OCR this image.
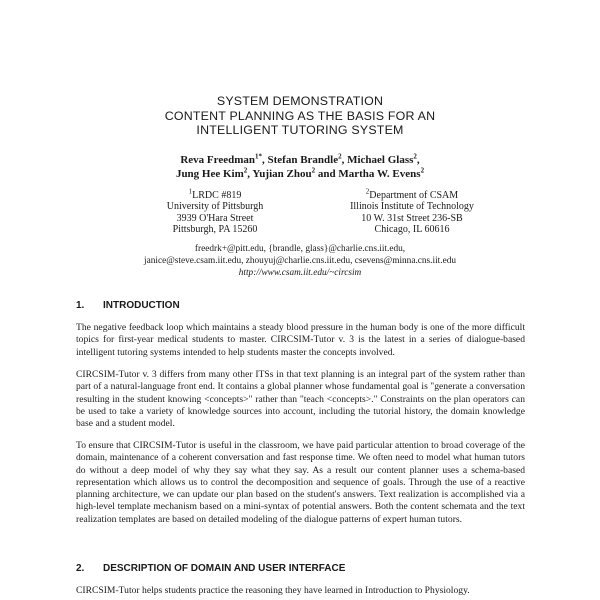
SYSTEM DEMONSTRATION
CONTENT PLANNING AS THE BASIS FOR AN
INTELLIGENT TUTORING SYSTEM
Reva Freedman$^{1*}$, Stefan Brandle$^2$, Michael Glass$^2$,
Jung Hee Kim$^2$, Yujian Zhou$^2$ and Martha W. Evens$^2$
$^1$LRDC #819
University of Pittsburgh
3939 O'Hara Street
Pittsburgh, PA 15260
$^2$Department of CSAM
Illinois Institute of Technology
10 W. 31st Street 236-SB
Chicago, IL 60616
freedrk+@pitt.edu, {brandle, glass}@charlie.cns.iit.edu,
janice@steve.csam.iit.edu, zhouyuj@charlie.cns.iit.edu, csevens@minna.cns.iit.edu
http://www.csam.iit.edu/~circsim
1. INTRODUCTION
The negative feedback loop which maintains a steady blood pressure in the human body is one of the more difficult topics for first-year medical students to master. CIRCSIM-Tutor v. 3 is the latest in a series of dialogue-based intelligent tutoring systems intended to help students master the concepts involved.
CIRCSIM-Tutor v. 3 differs from many other ITSs in that text planning is an integral part of the system rather than part of a natural-language front end. It contains a global planner whose fundamental goal is "generate a conversation resulting in the student knowing <concepts>" rather than "teach <concepts>." Constraints on the plan operators can be used to take a variety of knowledge sources into account, including the tutorial history, the domain knowledge base and a student model.
To ensure that CIRCSIM-Tutor is useful in the classroom, we have paid particular attention to broad coverage of the domain, maintenance of a coherent conversation and fast response time. We often need to model what human tutors do without a deep model of why they say what they say. As a result our content planner uses a schema-based representation which allows us to control the decomposition and sequence of goals. Through the use of a reactive planning architecture, we can update our plan based on the student's answers. Text realization is accomplished via a high-level template mechanism based on a mini-syntax of potential answers. Both the content schemata and the text realization templates are based on detailed modeling of the dialogue patterns of expert human tutors.
2. DESCRIPTION OF DOMAIN AND USER INTERFACE
CIRCSIM-Tutor helps students practice the reasoning they have learned in Introduction to Physiology.
